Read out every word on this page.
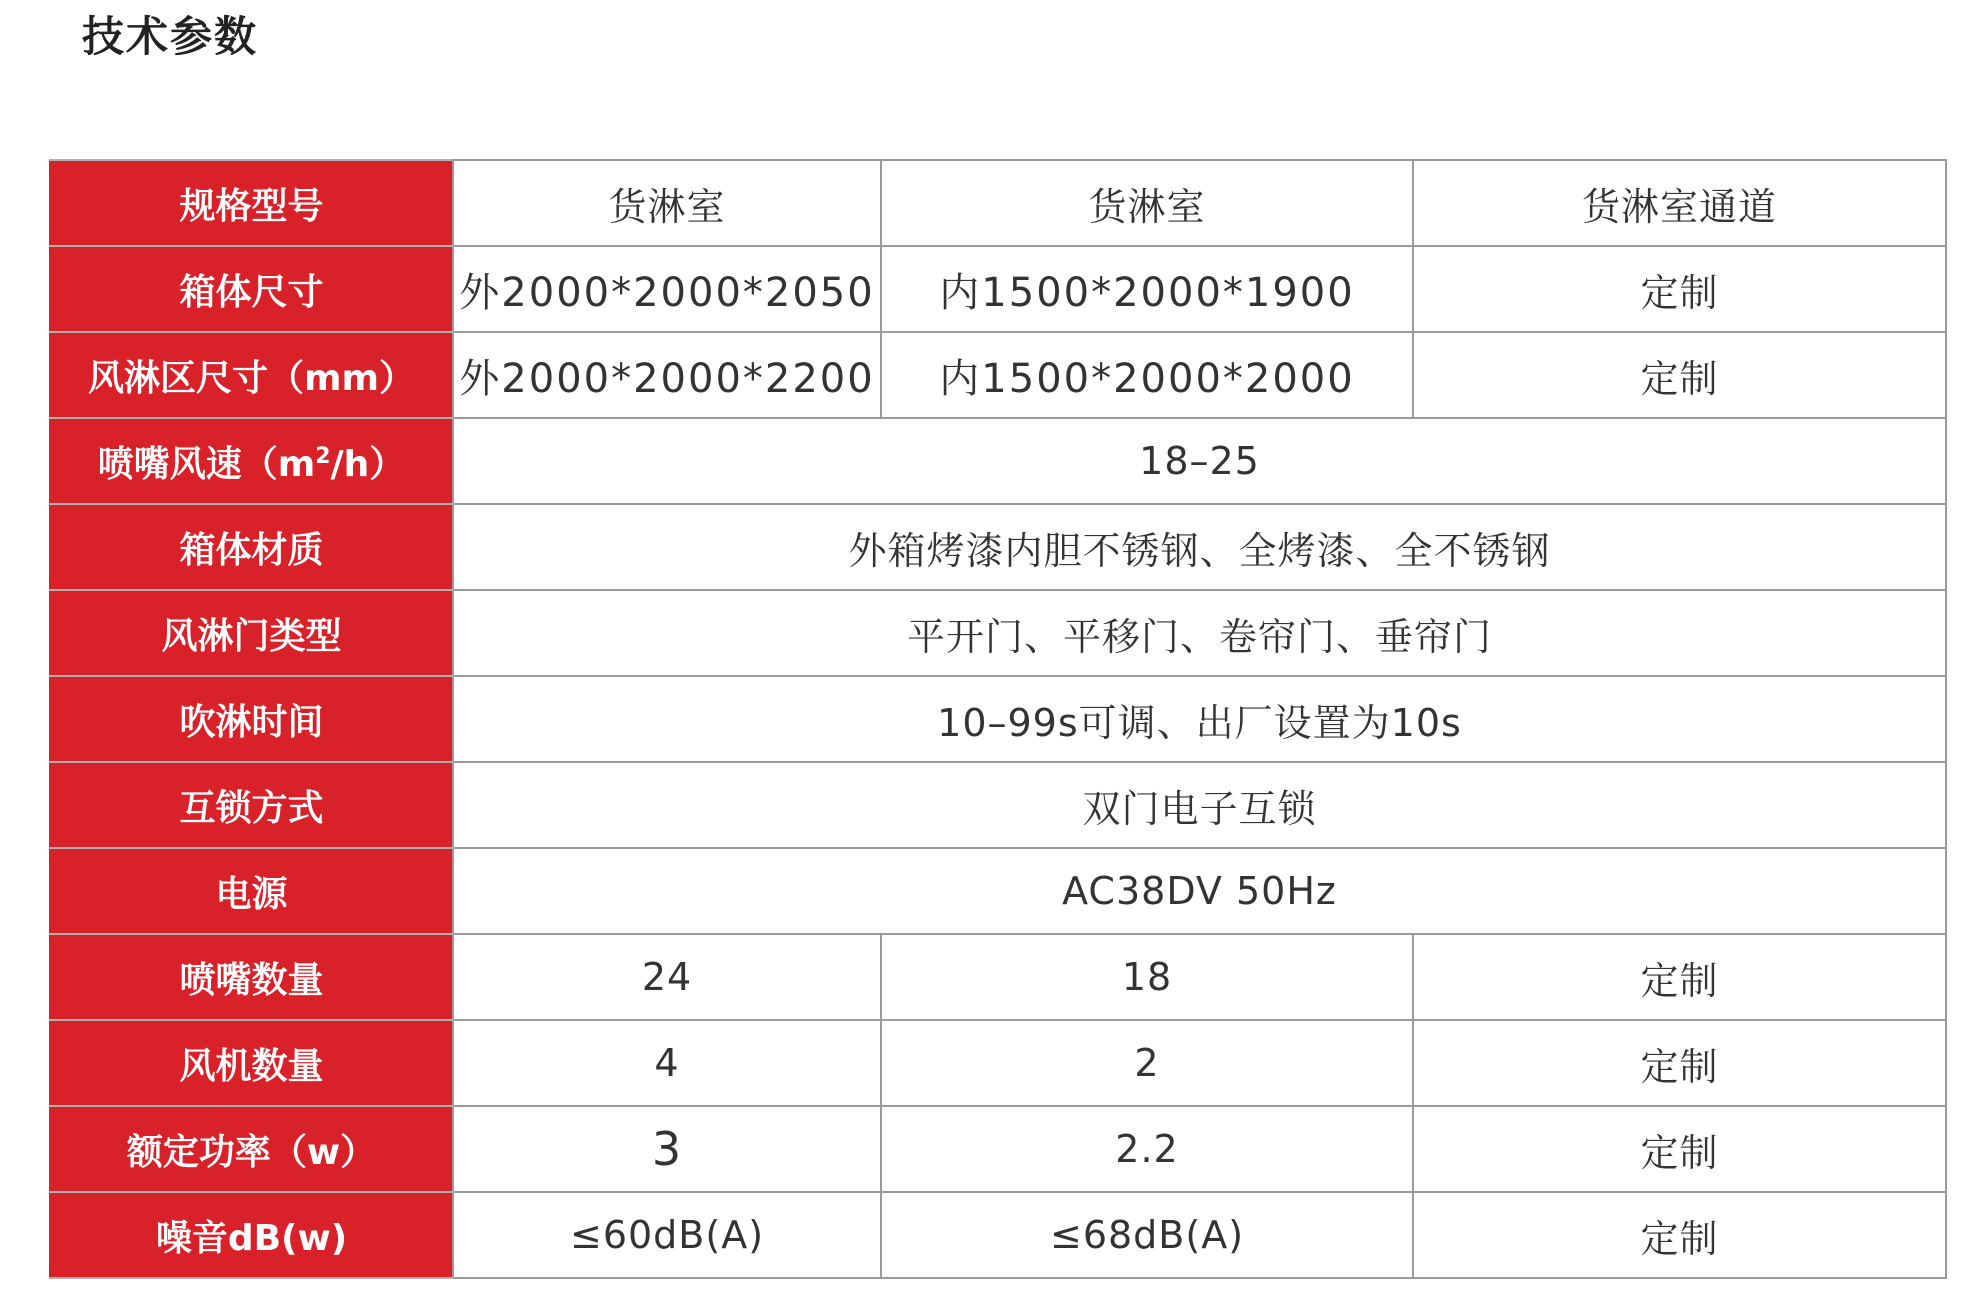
技术参数
规格型号	货淋室	货淋室	货淋室通道
箱体尺寸	外2000*2000*2050	内1500*2000*1900	定制
风淋区尺寸（mm）	外2000*2000*2200	内1500*2000*2000	定制
喷嘴风速$(m^2/h)$	18–25		
箱体材质	外箱烤漆内胆不锈钢、全烤漆、全不锈钢		
风淋门类型	平开门、平移门、卷帘门、垂帘门		
吹淋时间	10–99s可调、出厂设置为10s		
互锁方式	双门电子互锁		
电源	AC38DV 50Hz		
喷嘴数量	24	18	定制
风机数量	4	2	定制
额定功率（w）	3	2.2	定制
噪音dB(w)	≤60dB(A)	≤68dB(A)	定制
